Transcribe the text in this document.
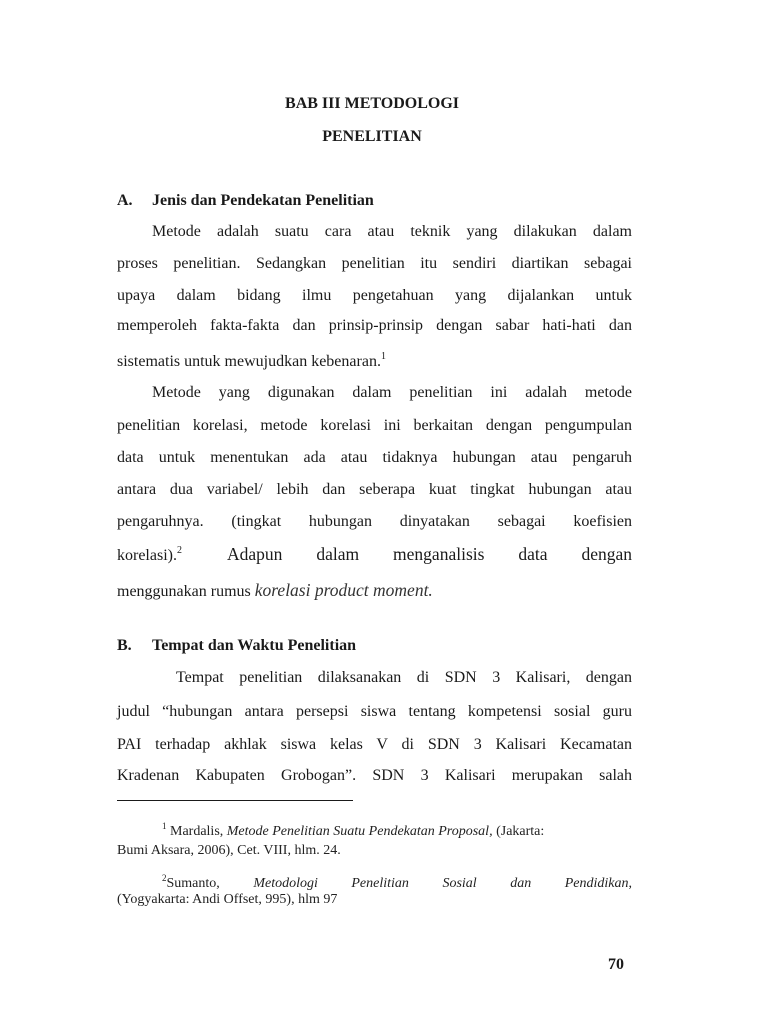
BAB III METODOLOGI
PENELITIAN
A. Jenis dan Pendekatan Penelitian
Metode adalah suatu cara atau teknik yang dilakukan dalam
proses penelitian. Sedangkan penelitian itu sendiri diartikan sebagai
upaya dalam bidang ilmu pengetahuan yang dijalankan untuk
memperoleh fakta-fakta dan prinsip-prinsip dengan sabar hati-hati dan
sistematis untuk mewujudkan kebenaran.$^1$
Metode yang digunakan dalam penelitian ini adalah metode
penelitian korelasi, metode korelasi ini berkaitan dengan pengumpulan
data untuk menentukan ada atau tidaknya hubungan atau pengaruh
antara dua variabel/ lebih dan seberapa kuat tingkat hubungan atau
pengaruhnya. (tingkat hubungan dinyatakan sebagai koefisien
korelasi).$^2$	Adapun dalam menganalisis data dengan
menggunakan rumus korelasi product moment.
B. Tempat dan Waktu Penelitian
Tempat penelitian dilaksanakan di SDN 3 Kalisari, dengan
judul “hubungan antara persepsi siswa tentang kompetensi sosial guru
PAI terhadap akhlak siswa kelas V di SDN 3 Kalisari Kecamatan
Kradenan Kabupaten Grobogan”. SDN 3 Kalisari merupakan salah
$^1$ Mardalis, Metode Penelitian Suatu Pendekatan Proposal, (Jakarta:
Bumi Aksara, 2006), Cet. VIII, hlm. 24.
$^2$Sumanto, Metodologi Penelitian Sosial dan Pendidikan,
(Yogyakarta: Andi Offset, 995), hlm 97
70
